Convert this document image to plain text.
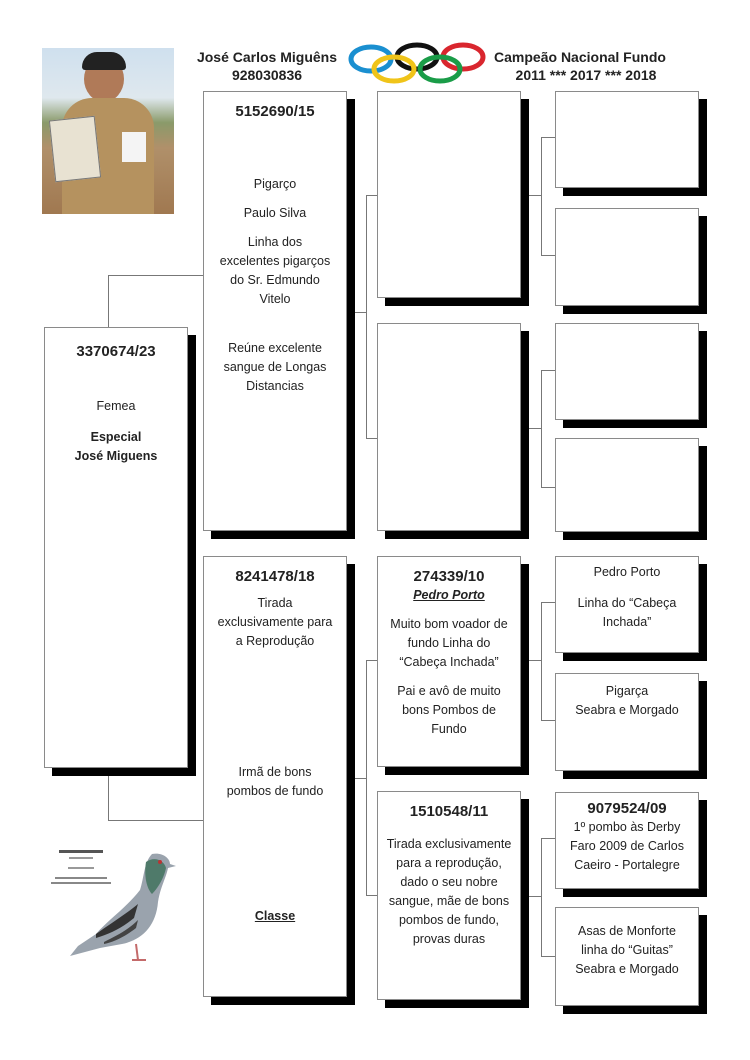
José Carlos Miguêns
928030836
Campeão Nacional Fundo
2011 *** 2017 *** 2018
3370674/23
Femea
Especial
José Miguens
5152690/15
Pigarço
Paulo Silva
Linha dos excelentes pigarços do Sr. Edmundo Vitelo
Reúne excelente sangue de Longas Distancias
8241478/18
Tirada exclusivamente para a Reprodução
Irmã de bons pombos de fundo
Classe
274339/10
Pedro Porto
Muito bom voador de fundo Linha do “Cabeça Inchada”
Pai e avô de muito bons Pombos de Fundo
1510548/11
Tirada exclusivamente para a reprodução, dado o seu nobre sangue, mãe de bons pombos de fundo, provas duras
Pedro Porto
Linha do “Cabeça Inchada”
Pigarça
Seabra e Morgado
9079524/09
1º pombo às Derby Faro 2009 de Carlos Caeiro - Portalegre
Asas de Monforte
linha do “Guitas”
Seabra e Morgado
